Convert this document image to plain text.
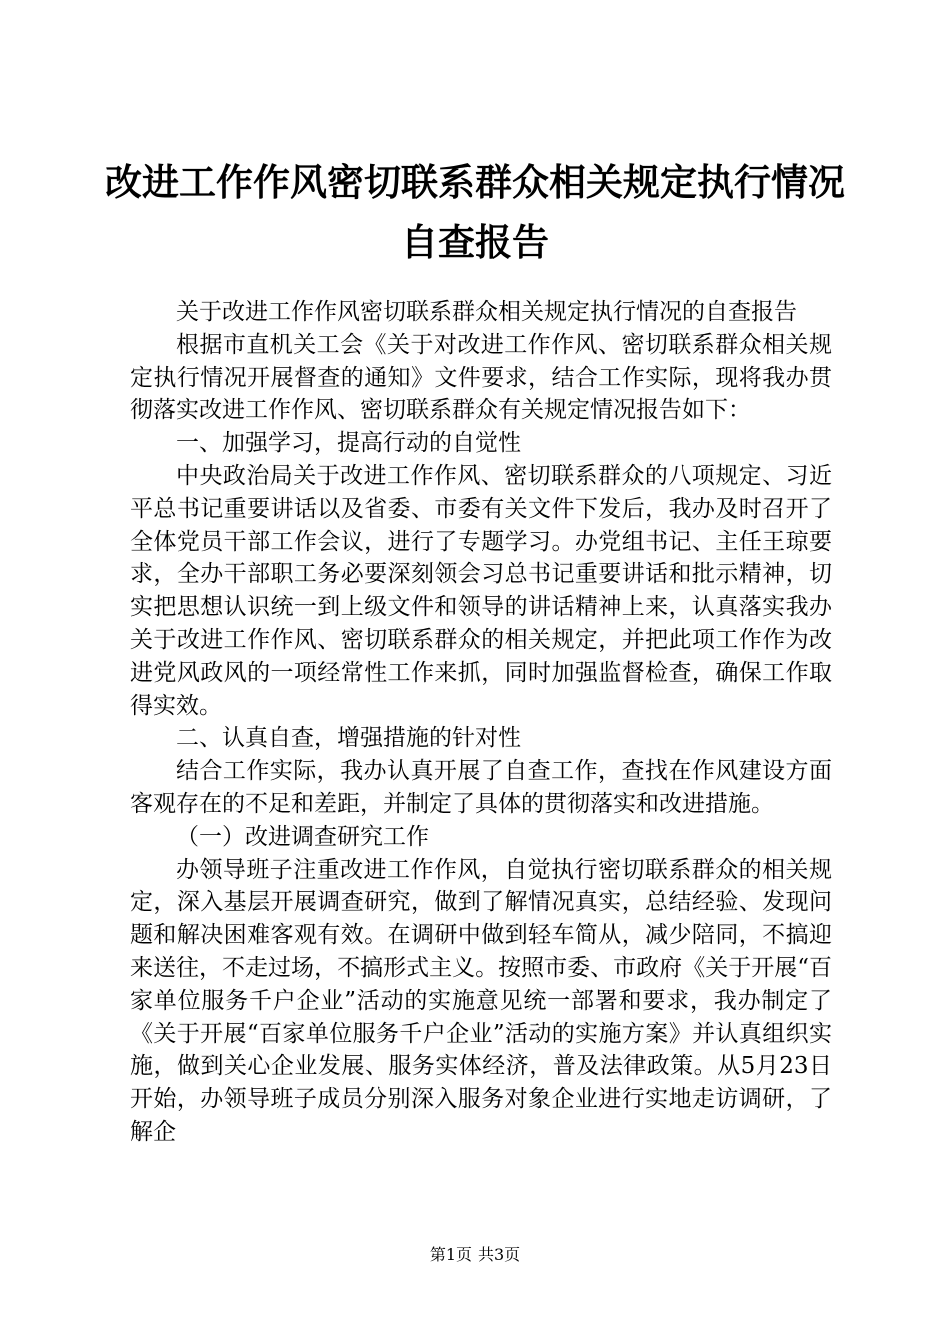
改进工作作风密切联系群众相关规定执行情况
自查报告

关于改进工作作风密切联系群众相关规定执行情况的自查报告

根据市直机关工会《关于对改进工作作风、密切联系群众相关规定执行情况开展督查的通知》文件要求，结合工作实际，现将我办贯彻落实改进工作作风、密切联系群众有关规定情况报告如下：

一、加强学习，提高行动的自觉性

中央政治局关于改进工作作风、密切联系群众的八项规定、习近平总书记重要讲话以及省委、市委有关文件下发后，我办及时召开了全体党员干部工作会议，进行了专题学习。办党组书记、主任王琼要求，全办干部职工务必要深刻领会习总书记重要讲话和批示精神，切实把思想认识统一到上级文件和领导的讲话精神上来，认真落实我办关于改进工作作风、密切联系群众的相关规定，并把此项工作作为改进党风政风的一项经常性工作来抓，同时加强监督检查，确保工作取得实效。

二、认真自查，增强措施的针对性

结合工作实际，我办认真开展了自查工作，查找在作风建设方面客观存在的不足和差距，并制定了具体的贯彻落实和改进措施。

（一）改进调查研究工作

办领导班子注重改进工作作风，自觉执行密切联系群众的相关规定，深入基层开展调查研究，做到了解情况真实，总结经验、发现问题和解决困难客观有效。在调研中做到轻车简从，减少陪同，不搞迎来送往，不走过场，不搞形式主义。按照市委、市政府《关于开展“百家单位服务千户企业”活动的实施意见统一部署和要求，我办制定了《关于开展“百家单位服务千户企业”活动的实施方案》并认真组织实施，做到关心企业发展、服务实体经济，普及法律政策。从5月23日开始，办领导班子成员分别深入服务对象企业进行实地走访调研，了解企

第1页 共3页
